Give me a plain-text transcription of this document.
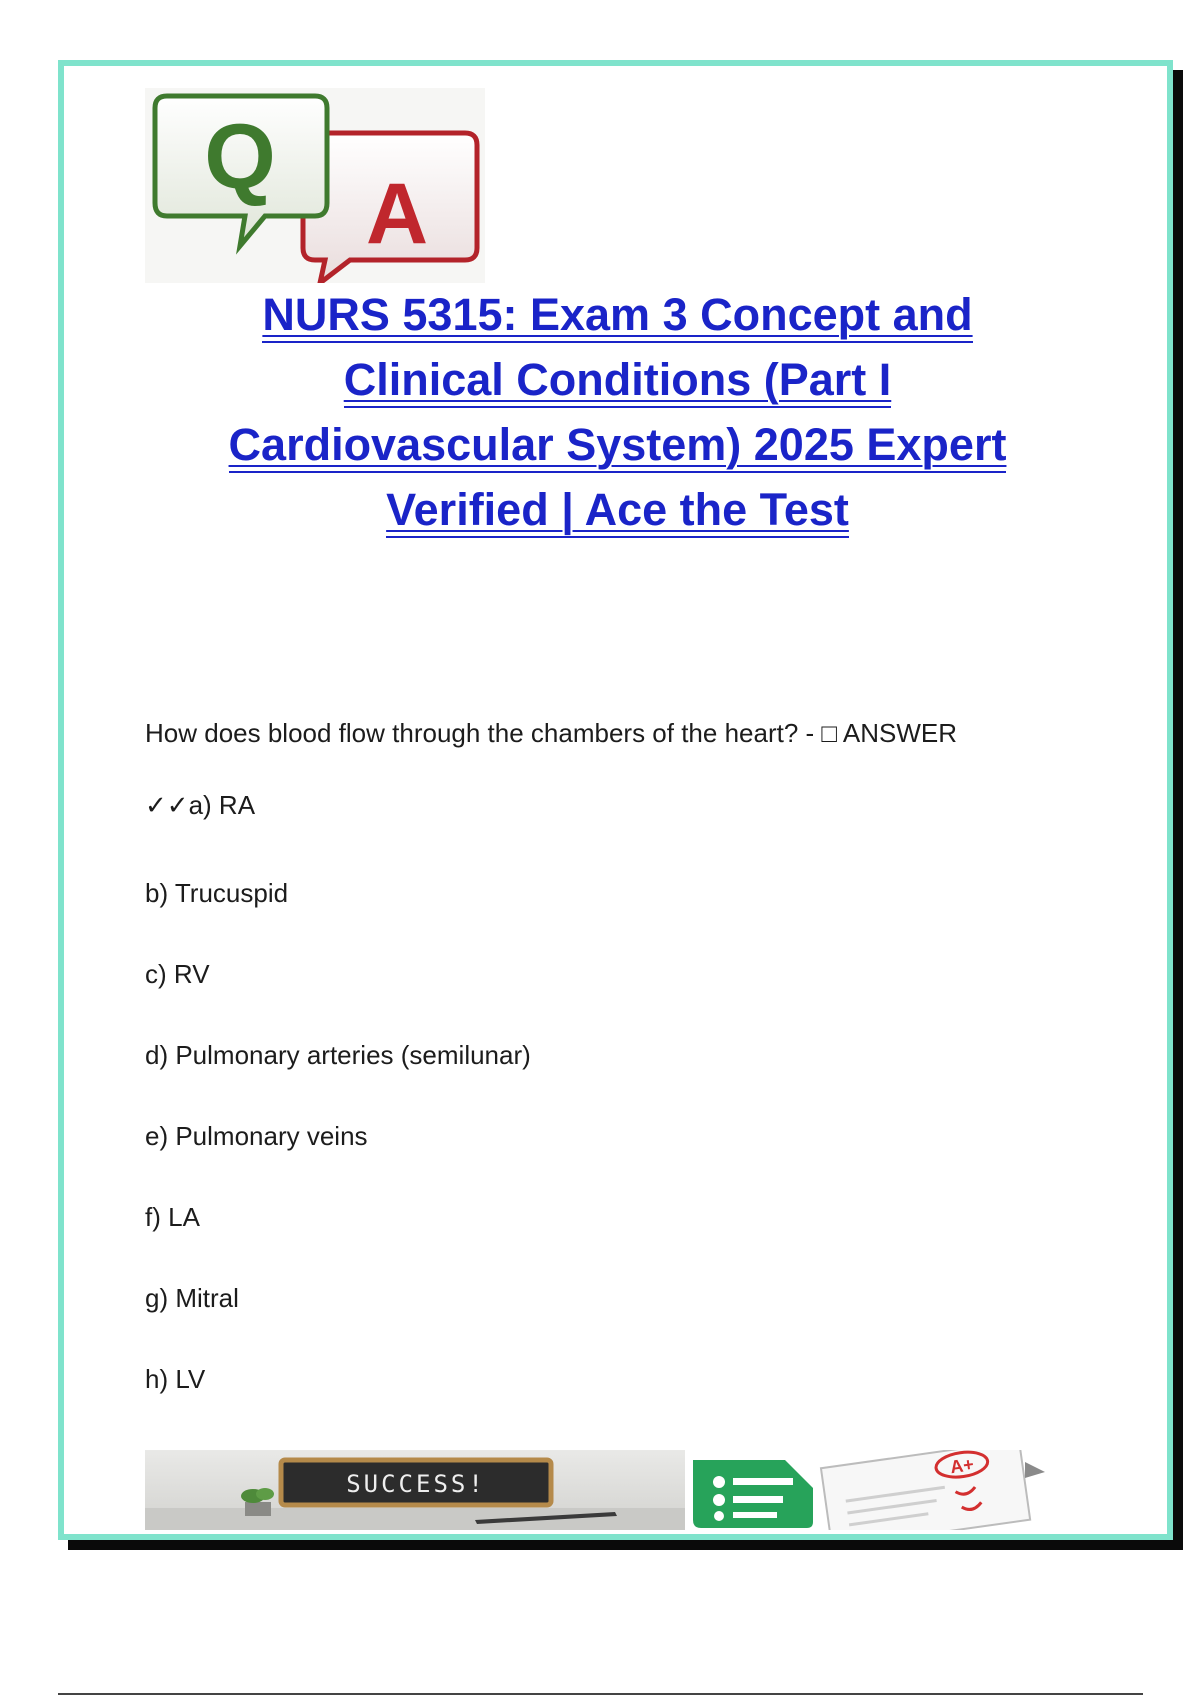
Q
A
NURS 5315: Exam 3 Concept and
Clinical Conditions (Part I
Cardiovascular System) 2025 Expert
Verified | Ace the Test
How does blood flow through the chambers of the heart? - □ ANSWER
✓✓a) RA
b) Trucuspid
c) RV
d) Pulmonary arteries (semilunar)
e) Pulmonary veins
f) LA
g) Mitral
h) LV
SUCCESS!
A+
